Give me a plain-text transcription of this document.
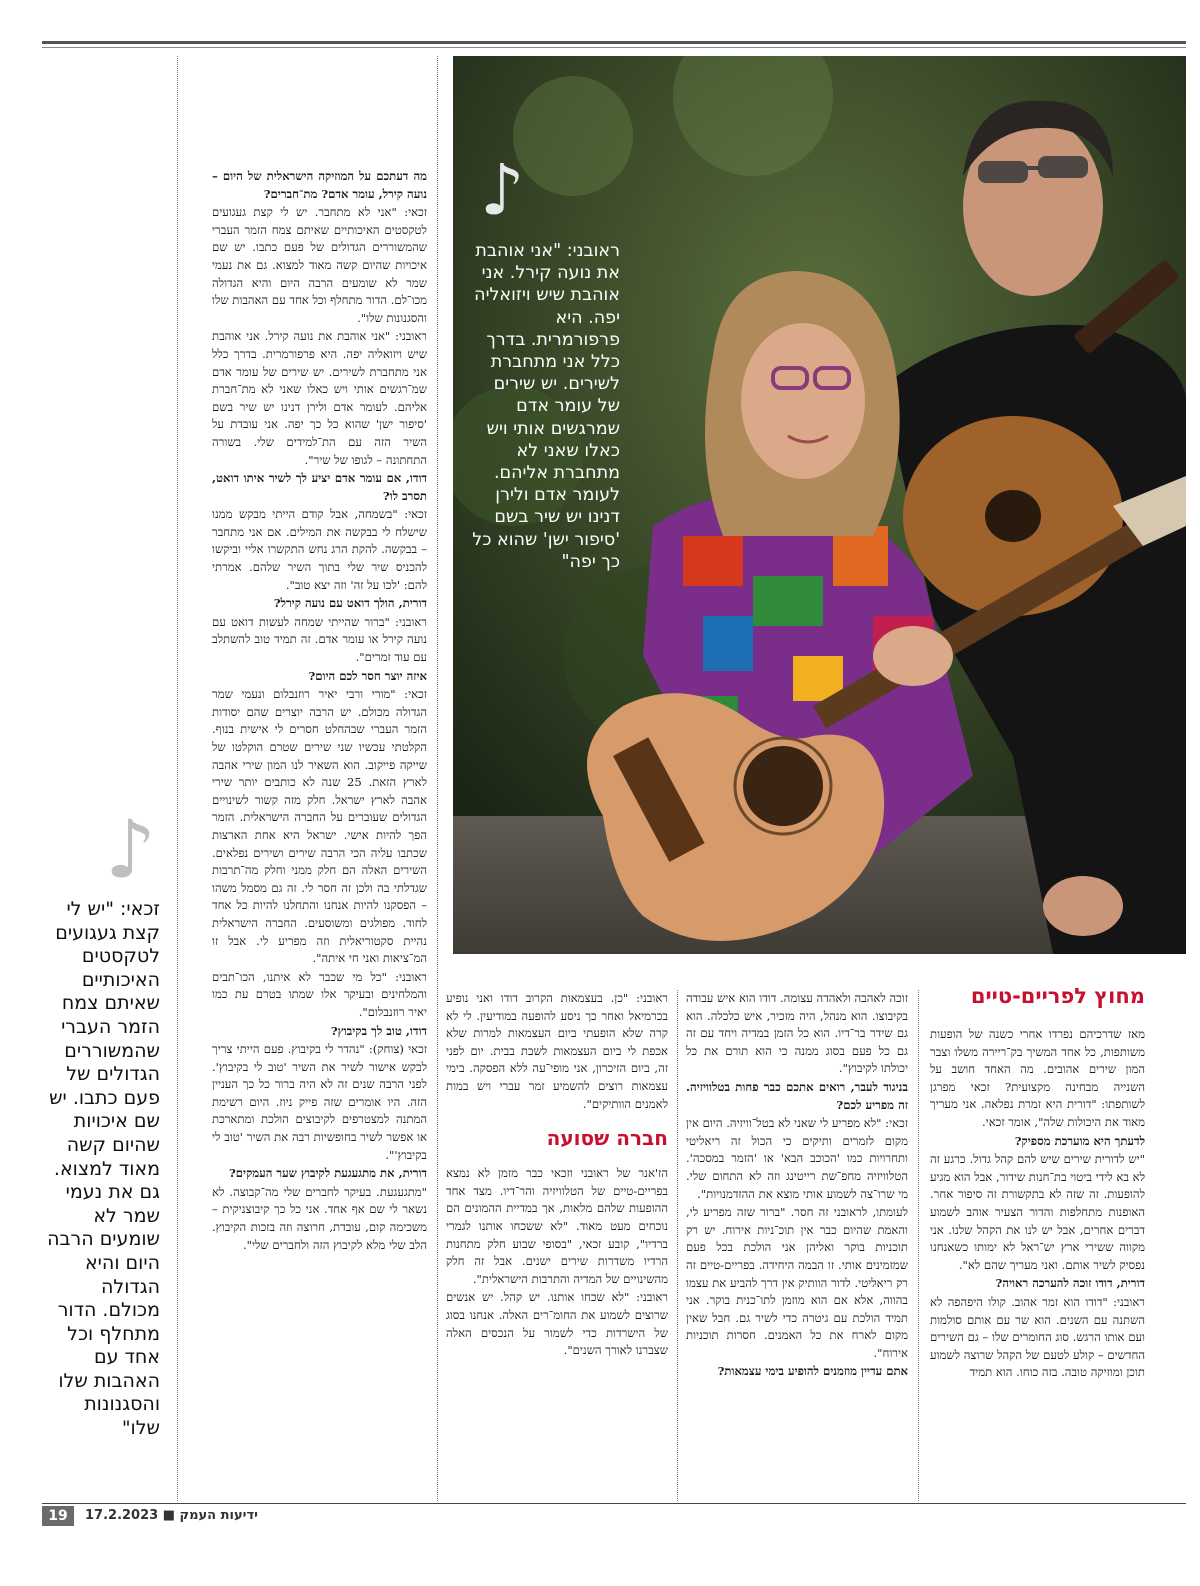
♪
♪
ראובני: "אני אוהבת את נועה קירל. אני אוהבת שיש ויזואליה יפה. היא פרפורמרית. בדרך כלל אני מתחברת לשירים. יש שירים של עומר אדם שמרגשים אותי ויש כאלו שאני לא מתחברת אליהם. לעומר אדם ולירן דנינו יש שיר בשם 'סיפור ישן' שהוא כל כך יפה"
זכאי: "יש לי קצת געגועים לטקסטים האיכותיים שאיתם צמח הזמר העברי שהמשוררים הגדולים של פעם כתבו. יש שם איכויות שהיום קשה מאוד למצוא. גם את נעמי שמר לא שומעים הרבה היום והיא הגדולה מכולם. הדור מתחלף וכל אחד עם האהבות שלו והסגנונות שלו"

מה דעתכם על המוזיקה הישראלית של היום – נועה קירל, עומר אדם? מת־חברים?

זכאי: "אני לא מתחבר. יש לי קצת געגועים לטקסטים האיכותיים שאיתם צמח הזמר העברי שהמשוררים הגדולים של פעם כתבו. יש שם איכויות שהיום קשה מאוד למצוא. גם את נעמי שמר לא שומעים הרבה היום והיא הגדולה מכו־לם. הדור מתחלף וכל אחד עם האהבות שלו והסגנונות שלו".

ראובני: "אני אוהבת את נועה קירל. אני אוהבת שיש ויזואליה יפה. היא פרפורמרית. בדרך כלל אני מתחברת לשירים. יש שירים של עומר אדם שמ־רגשים אותי ויש כאלו שאני לא מת־חברת אליהם. לעומר אדם ולירן דנינו יש שיר בשם 'סיפור ישן' שהוא כל כך יפה. אני עובדת על השיר הזה עם הת־למידים שלי. בשורה התחתונה – לגופו של שיר".

דודו, אם עומר אדם יציע לך לשיר איתו דואט, תסרב לו?

זכאי: "בשמחה, אבל קודם הייתי מבקש ממנו שישלח לי בבקשה את המילים. אם אני מתחבר – בבקשה. להקת הרג נחש התקשרו אליי וביקשו להכניס שיר שלי בתוך השיר שלהם. אמרתי להם: 'לכו על זה' וזה יצא טוב".

דורית, הולך דואט עם נועה קירל?

ראובני: "ברור שהייתי שמחה לעשות דואט עם נועה קירל או עומר אדם. זה תמיד טוב להשתלב עם עוד זמרים".

איזה יוצר חסר לכם היום?

זכאי: "מורי ורבי יאיר רוזנבלום ונעמי שמר הגדולה מכולם. יש הרבה יוצרים שהם יסודות הזמר העברי שבהחלט חסרים לי אישית בנוף. הקלטתי עכשיו שני שירים שטרם הוקלטו של שייקה פייקוב. הוא השאיר לנו המון שירי אהבה לארץ הזאת. 25 שנה לא כותבים יותר שירי אהבה לארץ ישראל. חלק מזה קשור לשינויים הגדולים שעוברים על החברה הישראלית. הזמר הפך להיות אישי. ישראל היא אחת הארצות שכתבו עליה הכי הרבה שירים ושירים נפלאים. השירים האלה הם חלק ממני וחלק מה־תרבות שגדלתי בה ולכן זה חסר לי. זה גם מסמל משהו – הפסקנו להיות אנחנו והתחלנו להיות כל אחד לחוד. מפולגים ומשוסעים. החברה הישראלית נהיית סקטוריאלית וזה מפריע לי. אבל זו המ־ציאות ואני חי איתה".

ראובני: "כל מי שכבר לא איתנו, הכו־תבים והמלחינים ובעיקר אלו שמתו בטרם עת כמו יאיר רוזנבלום".

דודו, טוב לך בקיבוץ?

זכאי (צוחק): "נהדר לי בקיבוץ. פעם הייתי צריך לבקש אישור לשיר את השיר 'טוב לי בקיבוץ'. לפני הרבה שנים זה לא היה ברור כל כך העניין הזה. היו אומרים שזה פייק ניוז. היום רשימת המתנה למצטרפים לקיבוצים הולכת ומתארכת או אפשר לשיר בחופשיות רבה את השיר 'טוב לי בקיבוץ'".

דורית, את מתגעגעת לקיבוץ שער העמקים?

"מתגעגעת. בעיקר לחברים שלי מה־קבוצה. לא נשאר לי שם אף אחד. אני כל כך קיבוצניקית – משכימה קום, עובדת, חרוצה וזה בזכות הקיבוץ. הלב שלי מלא לקיבוץ הזה ולחברים שלי".

ראובני: "כן. בעצמאות הקרוב דודו ואני נופיע בכרמיאל ואחר כך ניסע להופעה במודיעין. לי לא קרה שלא הופעתי ביום העצמאות למרות שלא אכפת לי ביום העצמאות לשבת בבית. יום לפני זה, ביום הזיכרון, אני מופי־עה ללא הפסקה. בימי עצמאות רוצים להשמיע זמר עברי ויש במות לאמנים הוותיקים".

חברה שסועה

הז'אנר של ראובני וזכאי כבר מזמן לא נמצא בפריים-טיים של הטלוויזיה והר־דיו. מצד אחד ההופעות שלהם מלאות, אך במדיית ההמונים הם נוכחים מעט מאוד. "לא ששכחו אותנו לגמרי ברדיו", קובע זכאי, "בסופי שבוע חלק מתחנות הרדיו משדרות שירים ישנים. אבל זה חלק מהשינויים של המדיה והתרבות הישראלית".

ראובני: "לא שכחו אותנו. יש קהל. יש אנשים שרוצים לשמוע את החומ־רים האלה. אנחנו בסוג של הישרדות כדי לשמור על הנכסים האלה שצברנו לאורך השנים".

זוכה לאהבה ולאהדה עצומה. דודו הוא איש עבודה בקיבוצו. הוא מנהל, היה מזכיר, איש כלכלה. הוא גם שידר בר־דיו. הוא כל הזמן במדיה ויחד עם זה גם כל פעם בסוג ממנה כי הוא תורם את כל יכולתו לקיבוץ".

בניגוד לעבר, רואים אתכם כבר פחות בטלוויזיה. זה מפריע לכם?

זכאי: "לא מפריע לי שאני לא בטל־וויזיה. היום אין מקום לזמרים ותיקים כי הכול זה ריאליטי ותחרויות כמו 'הכוכב הבא' או 'הזמר במסכה'. הטלוויזיה מחפ־שת רייטינג וזה לא התחום שלי. מי שרו־צה לשמוע אותי מוצא את ההזדמנויות".

לעומתו, לראובני זה חסר. "ברור שזה מפריע לי, והאמת שהיום כבר אין תוכ־ניות אירוח. יש רק תוכניות בוקר ואליהן אני הולכת בכל פעם שמזמינים אותי. זו הבמה היחידה. בפריים-טיים זה רק ריאליטי. לדור הוותיק אין דרך להביע את עצמו בהווה, אלא אם הוא מוזמן לתו־כנית בוקר. אני תמיד הולכת עם גיטרה כדי לשיר גם. חבל שאין מקום לארח את כל האמנים. חסרות תוכניות אירוח".

אתם עדיין מוזמנים להופיע בימי עצמאות?

מחוץ לפריים-טיים

מאז שדרכיהם נפרדו אחרי כשנה של הופעות משותפות, כל אחד המשיך בק־ריירה משלו וצבר המון שירים אהובים. מה האחד חושב על השנייה מבחינה מקצועית? זכאי מפרגן לשותפתו: "דורית היא זמרת נפלאה. אני מעריך מאוד את היכולות שלה", אומר זכאי.

לדעתך היא מוערכת מספיק?

"יש לדורית שירים שיש להם קהל גדול. כרגע זה לא בא לידי ביטוי בת־חנות שידור, אבל הוא מגיע להופעות. זה שזה לא בתקשורת זה סיפור אחר. האופנות מתחלפות והדור הצעיר אוהב לשמוע דברים אחרים, אבל יש לנו את הקהל שלנו. אני מקווה ששירי ארץ יש־ראל לא ימותו כשאנחנו נפסיק לשיר אותם. ואני מעריך שהם לא".

דורית, דודו זוכה להערכה ראויה?

ראובני: "דודו הוא זמר אהוב. קולו היפהפה לא השתנה עם השנים. הוא שר עם אותם סולמות ועם אותו הרגש. סוג החומרים שלו – גם השירים החדשים – קולע לטעם של הקהל שרוצה לשמוע תוכן ומוזיקה טובה. בזה כוחו. הוא תמיד

19	17.2.2023 ■ ידיעות העמק
